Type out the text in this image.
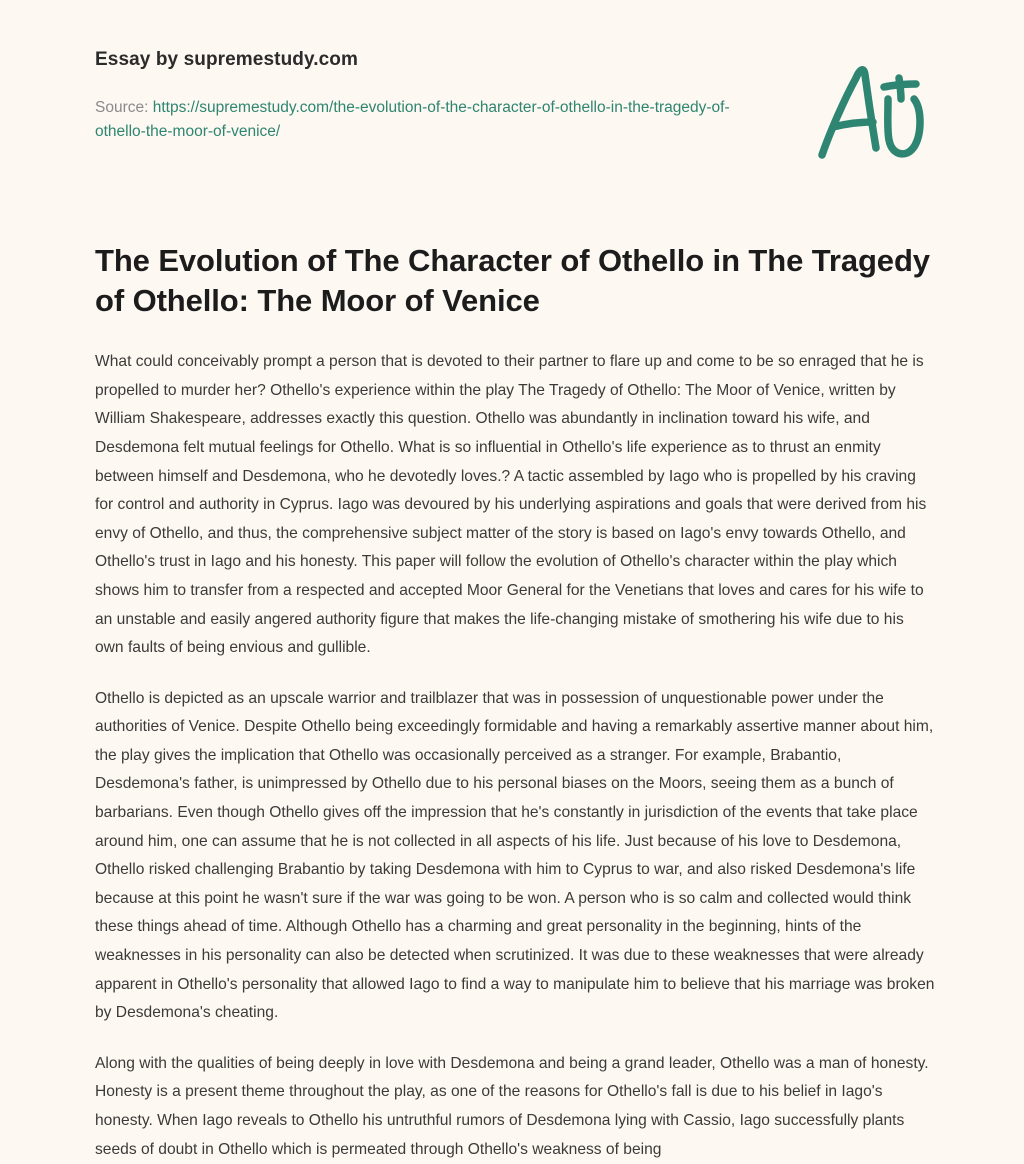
Essay by supremestudy.com
Source: https://supremestudy.com/the-evolution-of-the-character-of-othello-in-the-tragedy-of-othello-the-moor-of-venice/
The Evolution of The Character of Othello in The Tragedy of Othello: The Moor of Venice

What could conceivably prompt a person that is devoted to their partner to flare up and come to be so enraged that he is propelled to murder her? Othello's experience within the play The Tragedy of Othello: The Moor of Venice, written by William Shakespeare, addresses exactly this question. Othello was abundantly in inclination toward his wife, and Desdemona felt mutual feelings for Othello. What is so influential in Othello's life experience as to thrust an enmity between himself and Desdemona, who he devotedly loves.? A tactic assembled by Iago who is propelled by his craving for control and authority in Cyprus. Iago was devoured by his underlying aspirations and goals that were derived from his envy of Othello, and thus, the comprehensive subject matter of the story is based on Iago's envy towards Othello, and Othello's trust in Iago and his honesty. This paper will follow the evolution of Othello's character within the play which shows him to transfer from a respected and accepted Moor General for the Venetians that loves and cares for his wife to an unstable and easily angered authority figure that makes the life-changing mistake of smothering his wife due to his own faults of being envious and gullible.

Othello is depicted as an upscale warrior and trailblazer that was in possession of unquestionable power under the authorities of Venice. Despite Othello being exceedingly formidable and having a remarkably assertive manner about him, the play gives the implication that Othello was occasionally perceived as a stranger. For example, Brabantio, Desdemona's father, is unimpressed by Othello due to his personal biases on the Moors, seeing them as a bunch of barbarians. Even though Othello gives off the impression that he's constantly in jurisdiction of the events that take place around him, one can assume that he is not collected in all aspects of his life. Just because of his love to Desdemona, Othello risked challenging Brabantio by taking Desdemona with him to Cyprus to war, and also risked Desdemona's life because at this point he wasn't sure if the war was going to be won. A person who is so calm and collected would think these things ahead of time. Although Othello has a charming and great personality in the beginning, hints of the weaknesses in his personality can also be detected when scrutinized. It was due to these weaknesses that were already apparent in Othello's personality that allowed Iago to find a way to manipulate him to believe that his marriage was broken by Desdemona's cheating.

Along with the qualities of being deeply in love with Desdemona and being a grand leader, Othello was a man of honesty. Honesty is a present theme throughout the play, as one of the reasons for Othello's fall is due to his belief in Iago's honesty. When Iago reveals to Othello his untruthful rumors of Desdemona lying with Cassio, Iago successfully plants seeds of doubt in Othello which is permeated through Othello's weakness of being
